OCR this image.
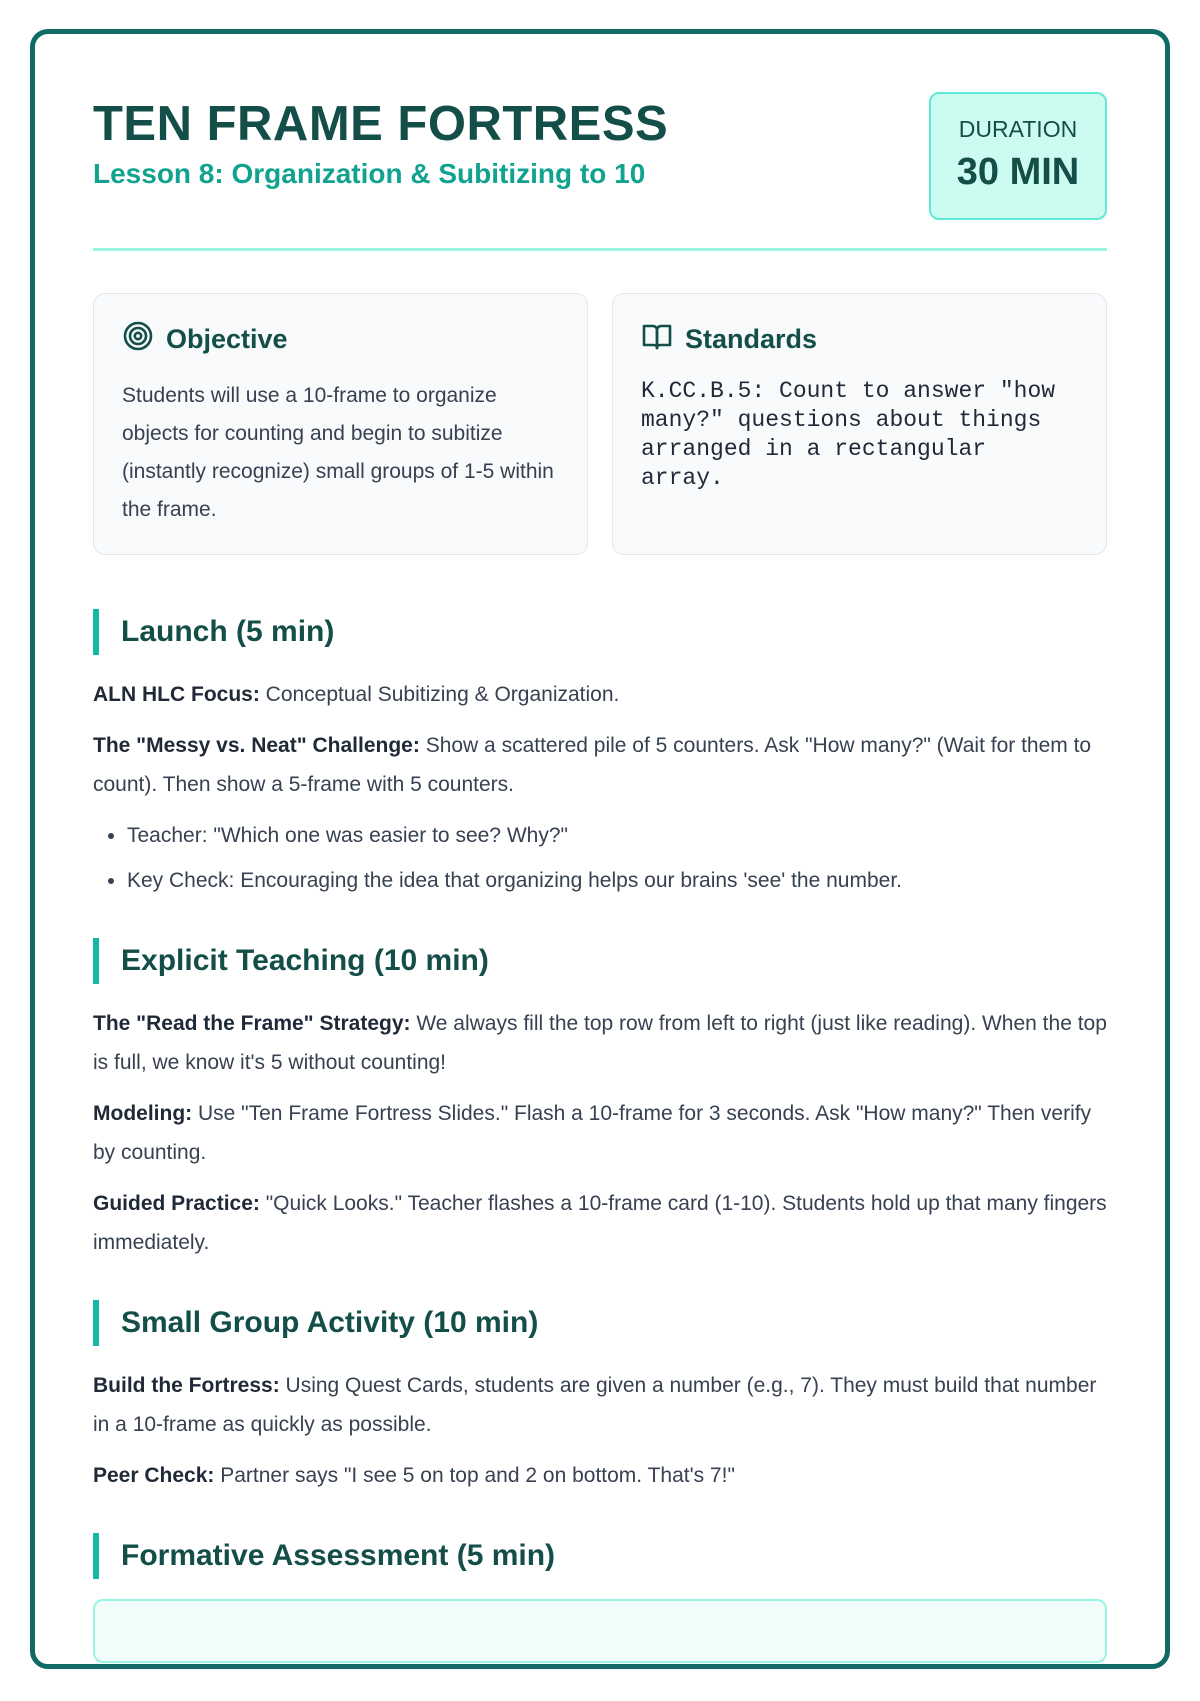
TEN FRAME FORTRESS
Lesson 8: Organization & Subitizing to 10
DURATION
30 MIN
Objective

Students will use a 10-frame to organize objects for counting and begin to subitize (instantly recognize) small groups of 1-5 within the frame.

Standards
K.CC.B.5: Count to answer "how many?" questions about things arranged in a rectangular array.
Launch (5 min)

ALN HLC Focus: Conceptual Subitizing & Organization.

The "Messy vs. Neat" Challenge: Show a scattered pile of 5 counters. Ask "How many?" (Wait for them to count). Then show a 5-frame with 5 counters.

• Teacher: "Which one was easier to see? Why?"
• Key Check: Encouraging the idea that organizing helps our brains 'see' the number.
Explicit Teaching (10 min)

The "Read the Frame" Strategy: We always fill the top row from left to right (just like reading). When the top is full, we know it's 5 without counting!

Modeling: Use "Ten Frame Fortress Slides." Flash a 10-frame for 3 seconds. Ask "How many?" Then verify by counting.

Guided Practice: "Quick Looks." Teacher flashes a 10-frame card (1-10). Students hold up that many fingers immediately.

Small Group Activity (10 min)

Build the Fortress: Using Quest Cards, students are given a number (e.g., 7). They must build that number in a 10-frame as quickly as possible.

Peer Check: Partner says "I see 5 on top and 2 on bottom. That's 7!"

Formative Assessment (5 min)
